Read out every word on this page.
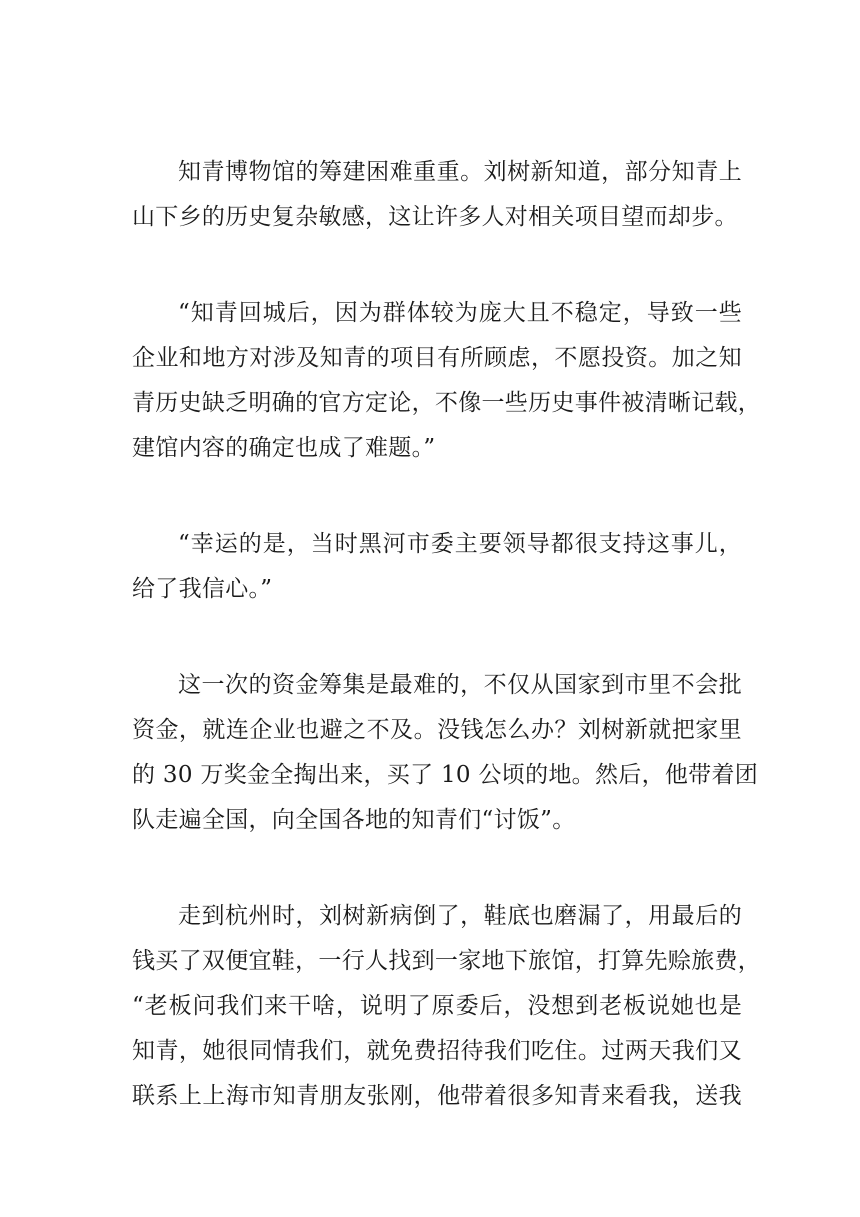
知青博物馆的筹建困难重重。刘树新知道，部分知青上
山下乡的历史复杂敏感，这让许多人对相关项目望而却步。

“知青回城后，因为群体较为庞大且不稳定，导致一些
企业和地方对涉及知青的项目有所顾虑，不愿投资。加之知
青历史缺乏明确的官方定论，不像一些历史事件被清晰记载，
建馆内容的确定也成了难题。”

“幸运的是，当时黑河市委主要领导都很支持这事儿，
给了我信心。”

这一次的资金筹集是最难的，不仅从国家到市里不会批
资金，就连企业也避之不及。没钱怎么办？刘树新就把家里
的 30 万奖金全掏出来，买了 10 公顷的地。然后，他带着团
队走遍全国，向全国各地的知青们“讨饭”。

走到杭州时，刘树新病倒了，鞋底也磨漏了，用最后的
钱买了双便宜鞋，一行人找到一家地下旅馆，打算先赊旅费，
“老板问我们来干啥，说明了原委后，没想到老板说她也是
知青，她很同情我们，就免费招待我们吃住。过两天我们又
联系上上海市知青朋友张刚，他带着很多知青来看我，送我
